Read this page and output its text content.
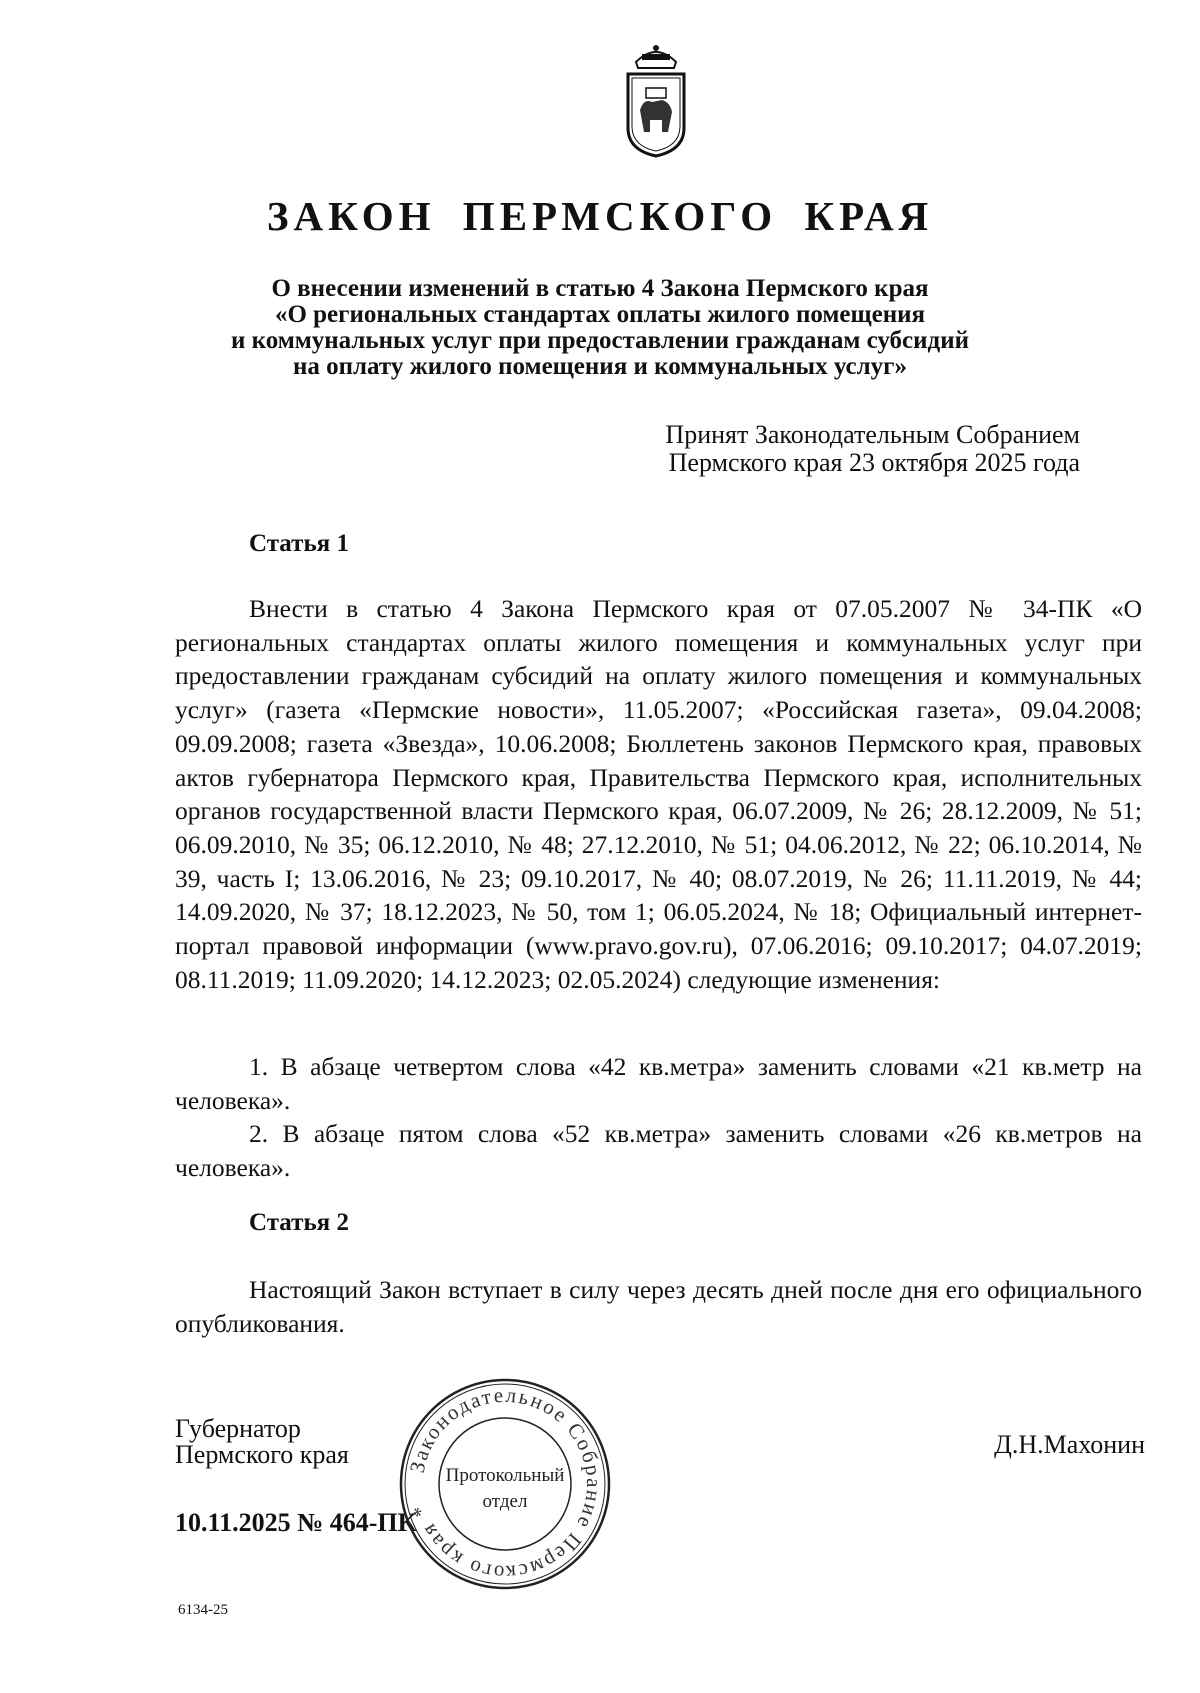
ЗАКОН ПЕРМСКОГО КРАЯ
О внесении изменений в статью 4 Закона Пермского края
«О региональных стандартах оплаты жилого помещения
и коммунальных услуг при предоставлении гражданам субсидий
на оплату жилого помещения и коммунальных услуг»
Принят Законодательным Собранием
Пермского края 23 октября 2025 года
Статья 1

Внести в статью 4 Закона Пермского края от 07.05.2007 № 34-ПК «О региональных стандартах оплаты жилого помещения и коммунальных услуг при предоставлении гражданам субсидий на оплату жилого помещения и коммунальных услуг» (газета «Пермские новости», 11.05.2007; «Российская газета», 09.04.2008; 09.09.2008; газета «Звезда», 10.06.2008; Бюллетень законов Пермского края, правовых актов губернатора Пермского края, Правительства Пермского края, исполнительных органов государственной власти Пермского края, 06.07.2009, № 26; 28.12.2009, № 51; 06.09.2010, № 35; 06.12.2010, № 48; 27.12.2010, № 51; 04.06.2012, № 22; 06.10.2014, № 39, часть I; 13.06.2016, № 23; 09.10.2017, № 40; 08.07.2019, № 26; 11.11.2019, № 44; 14.09.2020, № 37; 18.12.2023, № 50, том 1; 06.05.2024, № 18; Официальный интернет-портал правовой информации (www.pravo.gov.ru), 07.06.2016; 09.10.2017; 04.07.2019; 08.11.2019; 11.09.2020; 14.12.2023; 02.05.2024) следующие изменения:

1. В абзаце четвертом слова «42 кв.метра» заменить словами «21 кв.метр на человека».

2. В абзаце пятом слова «52 кв.метра» заменить словами «26 кв.метров на человека».

Статья 2

Настоящий Закон вступает в силу через десять дней после дня его официального опубликования.

Губернатор
Пермского края	Д.Н.Махонин
10.11.2025 № 464-ПК
6134-25
Законодательное Собрание Пермского края *
Протокольный
отдел
